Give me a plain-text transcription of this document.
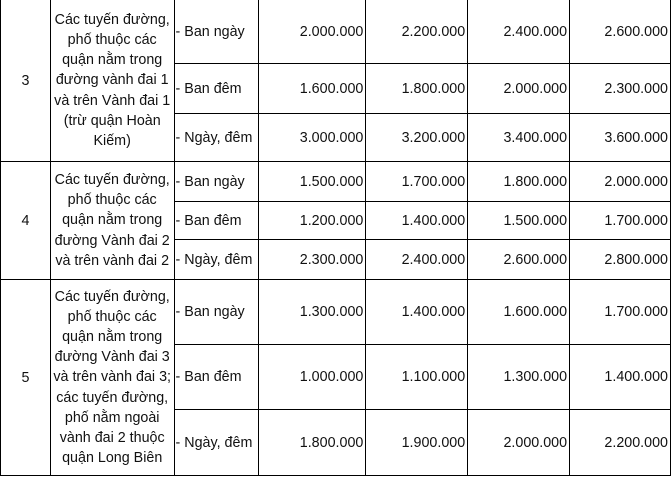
3	Các tuyến đường, phố thuộc các quận nằm trong đường vành đai 1 và trên Vành đai 1 (trừ quận Hoàn Kiếm)	- Ban ngày	2.000.000	2.200.000	2.400.000	2.600.000
		- Ban đêm	1.600.000	1.800.000	2.000.000	2.300.000
		- Ngày, đêm	3.000.000	3.200.000	3.400.000	3.600.000
4	Các tuyến đường, phố thuộc các quận nằm trong đường Vành đai 2 và trên vành đai 2	- Ban ngày	1.500.000	1.700.000	1.800.000	2.000.000
		- Ban đêm	1.200.000	1.400.000	1.500.000	1.700.000
		- Ngày, đêm	2.300.000	2.400.000	2.600.000	2.800.000
5	Các tuyến đường, phố thuộc các quận nằm trong đường Vành đai 3 và trên vành đai 3; các tuyến đường, phố nằm ngoài vành đai 2 thuộc quận Long Biên	- Ban ngày	1.300.000	1.400.000	1.600.000	1.700.000
		- Ban đêm	1.000.000	1.100.000	1.300.000	1.400.000
		- Ngày, đêm	1.800.000	1.900.000	2.000.000	2.200.000
